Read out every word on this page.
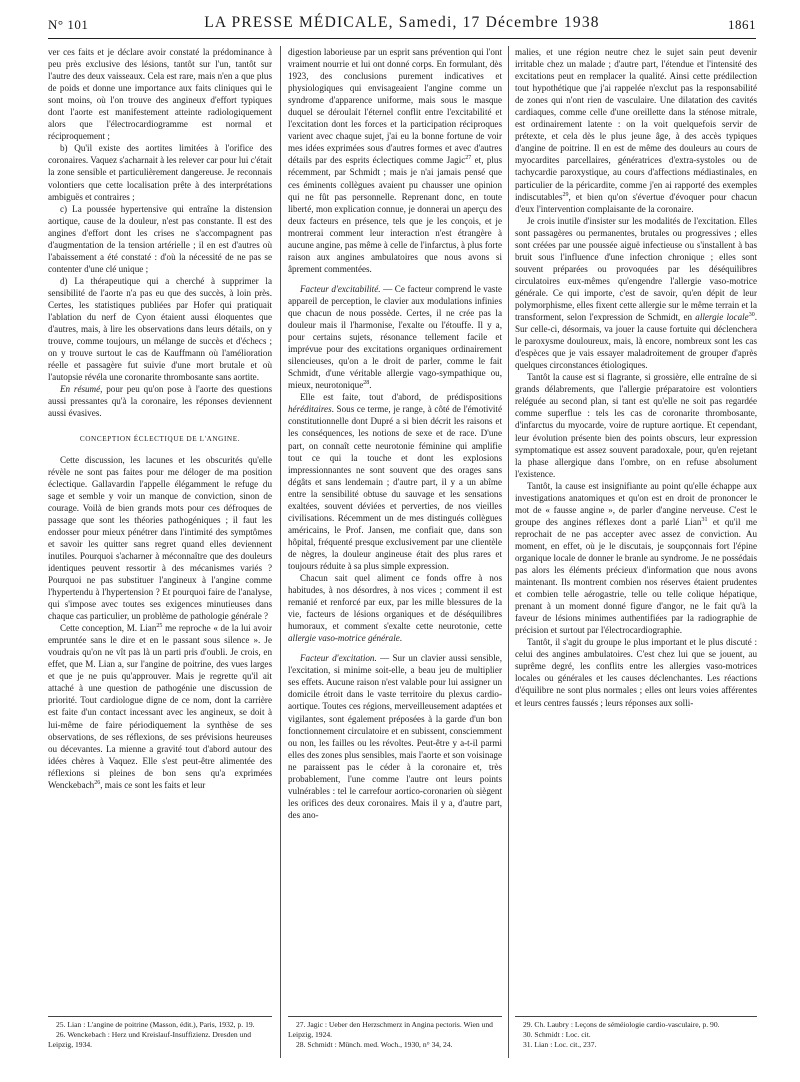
N° 101	LA PRESSE MÉDICALE, Samedi, 17 Décembre 1938	1861

ver ces faits et je déclare avoir constaté la prédominance à peu près exclusive des lésions, tantôt sur l'un, tantôt sur l'autre des deux vaisseaux. Cela est rare, mais n'en a que plus de poids et donne une importance aux faits cliniques qui le sont moins, où l'on trouve des angineux d'effort typiques dont l'aorte est manifestement atteinte radiologiquement alors que l'électrocardiogramme est normal et réciproquement ;

b) Qu'il existe des aortites limitées à l'orifice des coronaires. Vaquez s'acharnait à les relever car pour lui c'était la zone sensible et particulièrement dangereuse. Je reconnais volontiers que cette localisation prête à des interprétations ambiguës et contraires ;

c) La poussée hypertensive qui entraîne la distension aortique, cause de la douleur, n'est pas constante. Il est des angines d'effort dont les crises ne s'accompagnent pas d'augmentation de la tension artérielle ; il en est d'autres où l'abaissement a été constaté : d'où la nécessité de ne pas se contenter d'une clé unique ;

d) La thérapeutique qui a cherché à supprimer la sensibilité de l'aorte n'a pas eu que des succès, à loin près. Certes, les statistiques publiées par Hofer qui pratiquait l'ablation du nerf de Cyon étaient aussi éloquentes que d'autres, mais, à lire les observations dans leurs détails, on y trouve, comme toujours, un mélange de succès et d'échecs ; on y trouve surtout le cas de Kauffmann où l'amélioration réelle et passagère fut suivie d'une mort brutale et où l'autopsie révéla une coronarite thrombosante sans aortite.

En résumé, pour peu qu'on pose à l'aorte des questions aussi pressantes qu'à la coronaire, les réponses deviennent aussi évasives.

CONCEPTION ÉCLECTIQUE DE L'ANGINE.

Cette discussion, les lacunes et les obscurités qu'elle révèle ne sont pas faites pour me déloger de ma position éclectique. Gallavardin l'appelle élégamment le refuge du sage et semble y voir un manque de conviction, sinon de courage. Voilà de bien grands mots pour ces défroques de passage que sont les théories pathogéniques ; il faut les endosser pour mieux pénétrer dans l'intimité des symptômes et savoir les quitter sans regret quand elles deviennent inutiles. Pourquoi s'acharner à méconnaître que des douleurs identiques peuvent ressortir à des mécanismes variés ? Pourquoi ne pas substituer l'angineux à l'angine comme l'hypertendu à l'hypertension ? Et pourquoi faire de l'analyse, qui s'impose avec toutes ses exigences minutieuses dans chaque cas particulier, un problème de pathologie générale ?

Cette conception, M. Lian$^{25}$ me reproche « de la lui avoir empruntée sans le dire et en le passant sous silence ». Je voudrais qu'on ne vît pas là un parti pris d'oubli. Je crois, en effet, que M. Lian a, sur l'angine de poitrine, des vues larges et que je ne puis qu'approuver. Mais je regrette qu'il ait attaché à une question de pathogénie une discussion de priorité. Tout cardiologue digne de ce nom, dont la carrière est faite d'un contact incessant avec les angineux, se doit à lui-même de faire périodiquement la synthèse de ses observations, de ses réflexions, de ses prévisions heureuses ou décevantes. La mienne a gravité tout d'abord autour des idées chères à Vaquez. Elle s'est peut-être alimentée des réflexions si pleines de bon sens qu'a exprimées Wenckebach$^{26}$, mais ce sont les faits et leur

digestion laborieuse par un esprit sans prévention qui l'ont vraiment nourrie et lui ont donné corps. En formulant, dès 1923, des conclusions purement indicatives et physiologiques qui envisageaient l'angine comme un syndrome d'apparence uniforme, mais sous le masque duquel se déroulait l'éternel conflit entre l'excitabilité et l'excitation dont les forces et la participation réciproques varient avec chaque sujet, j'ai eu la bonne fortune de voir mes idées exprimées sous d'autres formes et avec d'autres détails par des esprits éclectiques comme Jagic$^{27}$ et, plus récemment, par Schmidt ; mais je n'ai jamais pensé que ces éminents collègues avaient pu chausser une opinion qui ne fût pas personnelle. Reprenant donc, en toute liberté, mon explication connue, je donnerai un aperçu des deux facteurs en présence, tels que je les conçois, et je montrerai comment leur interaction n'est étrangère à aucune angine, pas même à celle de l'infarctus, à plus forte raison aux angines ambulatoires que nous avons si âprement commentées.

Facteur d'excitabilité. — Ce facteur comprend le vaste appareil de perception, le clavier aux modulations infinies que chacun de nous possède. Certes, il ne crée pas la douleur mais il l'harmonise, l'exalte ou l'étouffe. Il y a, pour certains sujets, résonance tellement facile et imprévue pour des excitations organiques ordinairement silencieuses, qu'on a le droit de parler, comme le fait Schmidt, d'une véritable allergie vago-sympathique ou, mieux, neurotonique$^{28}$.

Elle est faite, tout d'abord, de prédispositions héréditaires. Sous ce terme, je range, à côté de l'émotivité constitutionnelle dont Dupré a si bien décrit les raisons et les conséquences, les notions de sexe et de race. D'une part, on connaît cette neurotonie féminine qui amplifie tout ce qui la touche et dont les explosions impressionnantes ne sont souvent que des orages sans dégâts et sans lendemain ; d'autre part, il y a un abîme entre la sensibilité obtuse du sauvage et les sensations exaltées, souvent déviées et perverties, de nos vieilles civilisations. Récemment un de mes distingués collègues américains, le Prof. Jansen, me confiait que, dans son hôpital, fréquenté presque exclusivement par une clientèle de nègres, la douleur angineuse était des plus rares et toujours réduite à sa plus simple expression.

Chacun sait quel aliment ce fonds offre à nos habitudes, à nos désordres, à nos vices ; comment il est remanié et renforcé par eux, par les mille blessures de la vie, facteurs de lésions organiques et de déséquilibres humoraux, et comment s'exalte cette neurotonie, cette allergie vaso-motrice générale.

Facteur d'excitation. — Sur un clavier aussi sensible, l'excitation, si minime soit-elle, a beau jeu de multiplier ses effets. Aucune raison n'est valable pour lui assigner un domicile étroit dans le vaste territoire du plexus cardio-aortique. Toutes ces régions, merveilleusement adaptées et vigilantes, sont également préposées à la garde d'un bon fonctionnement circulatoire et en subissent, consciemment ou non, les failles ou les révoltes. Peut-être y a-t-il parmi elles des zones plus sensibles, mais l'aorte et son voisinage ne paraissent pas le céder à la coronaire et, très probablement, l'une comme l'autre ont leurs points vulnérables : tel le carrefour aortico-coronarien où siègent les orifices des deux coronaires. Mais il y a, d'autre part, des ano-

malies, et une région neutre chez le sujet sain peut devenir irritable chez un malade ; d'autre part, l'étendue et l'intensité des excitations peut en remplacer la qualité. Ainsi cette prédilection tout hypothétique que j'ai rappelée n'exclut pas la responsabilité de zones qui n'ont rien de vasculaire. Une dilatation des cavités cardiaques, comme celle d'une oreillette dans la sténose mitrale, est ordinairement latente : on la voit quelquefois servir de prétexte, et cela dès le plus jeune âge, à des accès typiques d'angine de poitrine. Il en est de même des douleurs au cours de myocardites parcellaires, génératrices d'extra-systoles ou de tachycardie paroxystique, au cours d'affections médiastinales, en particulier de la péricardite, comme j'en ai rapporté des exemples indiscutables$^{29}$, et bien qu'on s'évertue d'évoquer pour chacun d'eux l'intervention complaisante de la coronaire.

Je crois inutile d'insister sur les modalités de l'excitation. Elles sont passagères ou permanentes, brutales ou progressives ; elles sont créées par une poussée aiguë infectieuse ou s'installent à bas bruit sous l'influence d'une infection chronique ; elles sont souvent préparées ou provoquées par les déséquilibres circulatoires eux-mêmes qu'engendre l'allergie vaso-motrice générale. Ce qui importe, c'est de savoir, qu'en dépit de leur polymorphisme, elles fixent cette allergie sur le même terrain et la transforment, selon l'expression de Schmidt, en allergie locale$^{30}$. Sur celle-ci, désormais, va jouer la cause fortuite qui déclenchera le paroxysme douloureux, mais, là encore, nombreux sont les cas d'espèces que je vais essayer maladroitement de grouper d'après quelques circonstances étiologiques.

Tantôt la cause est si flagrante, si grossière, elle entraîne de si grands délabrements, que l'allergie préparatoire est volontiers reléguée au second plan, si tant est qu'elle ne soit pas regardée comme superflue : tels les cas de coronarite thrombosante, d'infarctus du myocarde, voire de rupture aortique. Et cependant, leur évolution présente bien des points obscurs, leur expression symptomatique est assez souvent paradoxale, pour, qu'en rejetant la phase allergique dans l'ombre, on en refuse absolument l'existence.

Tantôt, la cause est insignifiante au point qu'elle échappe aux investigations anatomiques et qu'on est en droit de prononcer le mot de « fausse angine », de parler d'angine nerveuse. C'est le groupe des angines réflexes dont a parlé Lian$^{31}$ et qu'il me reprochait de ne pas accepter avec assez de conviction. Au moment, en effet, où je le discutais, je soupçonnais fort l'épine organique locale de donner le branle au syndrome. Je ne possédais pas alors les éléments précieux d'information que nous avons maintenant. Ils montrent combien nos réserves étaient prudentes et combien telle aérogastrie, telle ou telle colique hépatique, prenant à un moment donné figure d'angor, ne le fait qu'à la faveur de lésions minimes authentifiées par la radiographie de précision et surtout par l'électrocardiographie.

Tantôt, il s'agit du groupe le plus important et le plus discuté : celui des angines ambulatoires. C'est chez lui que se jouent, au suprême degré, les conflits entre les allergies vaso-motrices locales ou générales et les causes déclenchantes. Les réactions d'équilibre ne sont plus normales ; elles ont leurs voies afférentes et leurs centres faussés ; leurs réponses aux solli-

25. Lian : L'angine de poitrine (Masson, édit.), Paris, 1932, p. 19.
26. Wenckebach : Herz und Kreislauf-Insuffizienz. Dresden und Leipzig, 1934.
27. Jagic : Ueber den Herzschmerz in Angina pectoris. Wien und Leipzig, 1924.
28. Schmidt : Münch. med. Woch., 1930, n° 34, 24.
29. Ch. Laubry : Leçons de séméiologie cardio-vasculaire, p. 90.
30. Schmidt : Loc. cit.
31. Lian : Loc. cit., 237.
